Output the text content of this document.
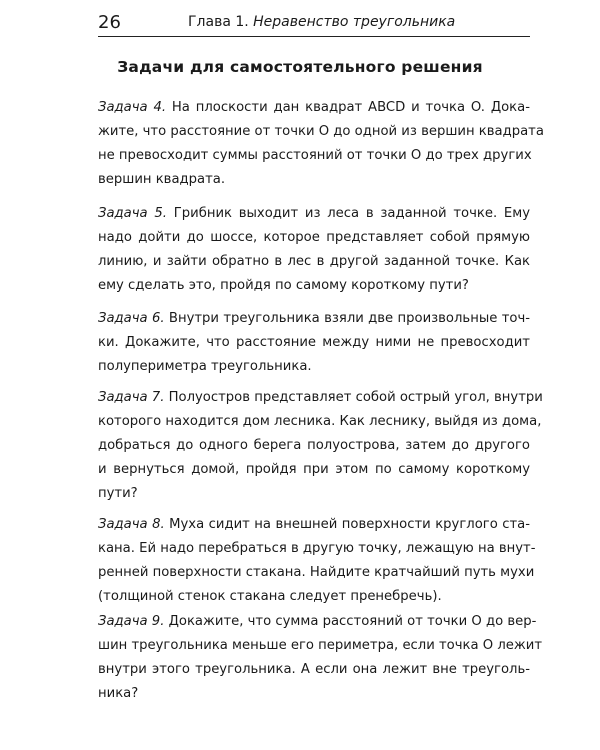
26	Глава 1. Неравенство треугольника
Задачи для самостоятельного решения
Задача 4. На плоскости дан квадрат ABCD и точка O. Дока-
жите, что расстояние от точки O до одной из вершин квадрата
не превосходит суммы расстояний от точки O до трех других
вершин квадрата.
Задача 5. Грибник выходит из леса в заданной точке. Ему
надо дойти до шоссе, которое представляет собой прямую
линию, и зайти обратно в лес в другой заданной точке. Как
ему сделать это, пройдя по самому короткому пути?
Задача 6. Внутри треугольника взяли две произвольные точ-
ки. Докажите, что расстояние между ними не превосходит
полупериметра треугольника.
Задача 7. Полуостров представляет собой острый угол, внутри
которого находится дом лесника. Как леснику, выйдя из дома,
добраться до одного берега полуострова, затем до другого
и вернуться домой, пройдя при этом по самому короткому
пути?
Задача 8. Муха сидит на внешней поверхности круглого ста-
кана. Ей надо перебраться в другую точку, лежащую на внут-
ренней поверхности стакана. Найдите кратчайший путь мухи
(толщиной стенок стакана следует пренебречь).
Задача 9. Докажите, что сумма расстояний от точки O до вер-
шин треугольника меньше его периметра, если точка O лежит
внутри этого треугольника. А если она лежит вне треуголь-
ника?
